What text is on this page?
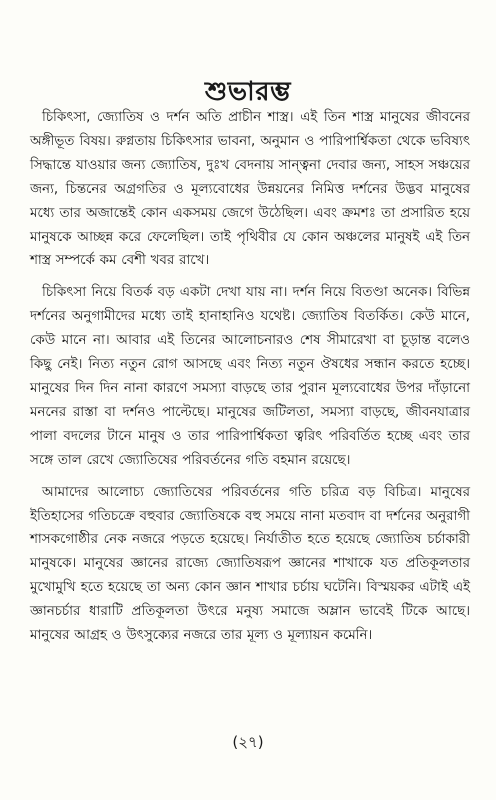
শুভারম্ভ

চিকিৎসা, জ্যোতিষ ও দর্শন অতি প্রাচীন শাস্ত্র। এই তিন শাস্ত্র মানুষের জীবনের অঙ্গীভূত বিষয়। রুগ্নতায় চিকিৎসার ভাবনা, অনুমান ও পারিপার্শ্বিকতা থেকে ভবিষ্যৎ সিদ্ধান্তে যাওয়ার জন্য জ্যোতিষ, দুঃখ বেদনায় সান্ত্বনা দেবার জন্য, সাহস সঞ্চয়ের জন্য, চিন্তনের অগ্রগতির ও মূল্যবোধের উন্নয়নের নিমিত্ত দর্শনের উদ্ভব মানুষের মধ্যে তার অজান্তেই কোন একসময় জেগে উঠেছিল। এবং ক্রমশঃ তা প্রসারিত হয়ে মানুষকে আচ্ছন্ন করে ফেলেছিল। তাই পৃথিবীর যে কোন অঞ্চলের মানুষই এই তিন শাস্ত্র সম্পর্কে কম বেশী খবর রাখে।

চিকিৎসা নিয়ে বিতর্ক বড় একটা দেখা যায় না। দর্শন নিয়ে বিতণ্ডা অনেক। বিভিন্ন দর্শনের অনুগামীদের মধ্যে তাই হানাহানিও যথেষ্ট। জ্যোতিষ বিতর্কিত। কেউ মানে, কেউ মানে না। আবার এই তিনের আলোচনারও শেষ সীমারেখা বা চূড়ান্ত বলেও কিছু নেই। নিত্য নতুন রোগ আসছে এবং নিত্য নতুন ঔষধের সন্ধান করতে হচ্ছে। মানুষের দিন দিন নানা কারণে সমস্যা বাড়ছে তার পুরান মূল্যবোধের উপর দাঁড়ানো মননের রাস্তা বা দর্শনও পাল্টেছে। মানুষের জটিলতা, সমস্যা বাড়ছে, জীবনযাত্রার পালা বদলের টানে মানুষ ও তার পারিপার্শ্বিকতা ত্বরিৎ পরিবর্তিত হচ্ছে এবং তার সঙ্গে তাল রেখে জ্যোতিষের পরিবর্তনের গতি বহমান রয়েছে।

আমাদের আলোচ্য জ্যোতিষের পরিবর্তনের গতি চরিত্র বড় বিচিত্র। মানুষের ইতিহাসের গতিচক্রে বহুবার জ্যোতিষকে বহু সময়ে নানা মতবাদ বা দর্শনের অনুরাগী শাসকগোষ্ঠীর নেক নজরে পড়তে হয়েছে। নির্যাতীত হতে হয়েছে জ্যোতিষ চর্চাকারী মানুষকে। মানুষের জ্ঞানের রাজ্যে জ্যোতিষরূপ জ্ঞানের শাখাকে যত প্রতিকূলতার মুখোমুখি হতে হয়েছে তা অন্য কোন জ্ঞান শাখার চর্চায় ঘটেনি। বিস্ময়কর এটাই এই জ্ঞানচর্চার ধারাটি প্রতিকূলতা উৎরে মনুষ্য সমাজে অম্লান ভাবেই টিকে আছে। মানুষের আগ্রহ ও উৎসুক্যের নজরে তার মূল্য ও মূল্যায়ন কমেনি।

(২৭)
